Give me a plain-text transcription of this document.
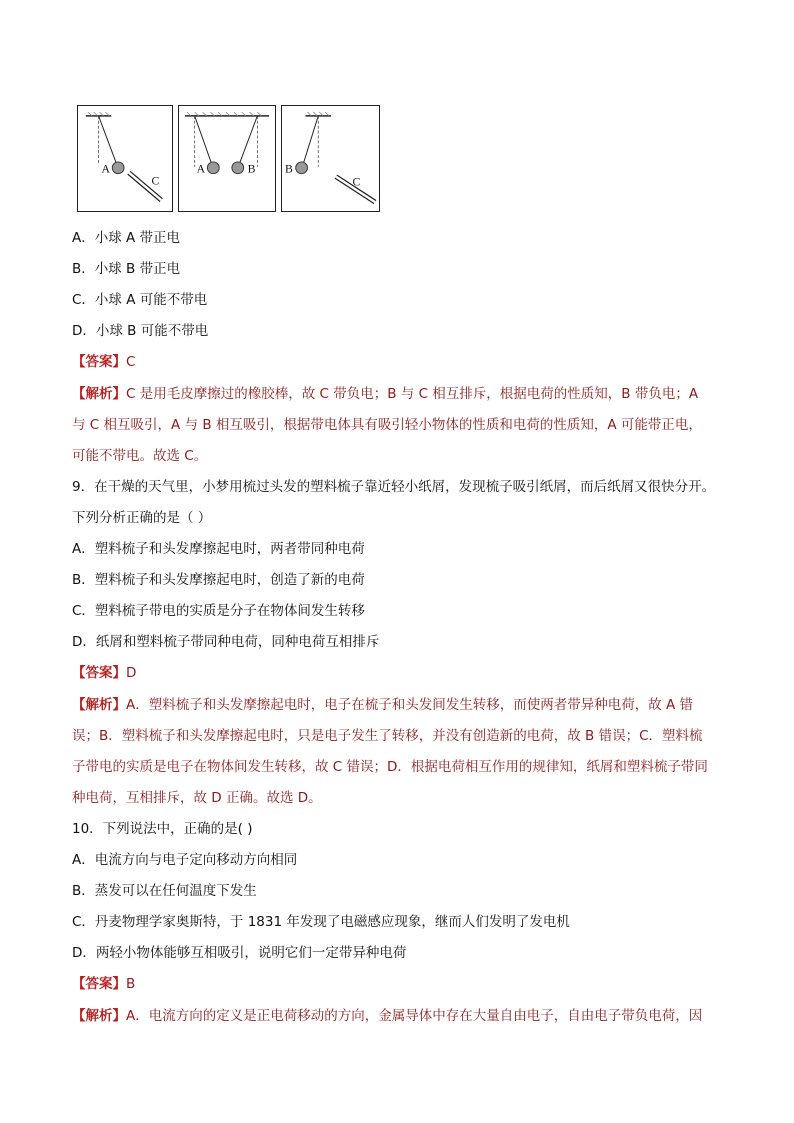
A
C
A	B B
C
A．小球 A 带正电
B．小球 B 带正电
C．小球 A 可能不带电
D．小球 B 可能不带电
【答案】C
【解析】C 是用毛皮摩擦过的橡胶棒，故 C 带负电；B 与 C 相互排斥，根据电荷的性质知，B 带负电；A
与 C 相互吸引，A 与 B 相互吸引，根据带电体具有吸引轻小物体的性质和电荷的性质知，A 可能带正电，
可能不带电。故选 C。
9．在干燥的天气里，小梦用梳过头发的塑料梳子靠近轻小纸屑，发现梳子吸引纸屑，而后纸屑又很快分开。
下列分析正确的是（ ）
A．塑料梳子和头发摩擦起电时，两者带同种电荷
B．塑料梳子和头发摩擦起电时，创造了新的电荷
C．塑料梳子带电的实质是分子在物体间发生转移
D．纸屑和塑料梳子带同种电荷，同种电荷互相排斥
【答案】D
【解析】A．塑料梳子和头发摩擦起电时，电子在梳子和头发间发生转移，而使两者带异种电荷，故 A 错
误；B．塑料梳子和头发摩擦起电时，只是电子发生了转移，并没有创造新的电荷，故 B 错误；C．塑料梳
子带电的实质是电子在物体间发生转移，故 C 错误；D．根据电荷相互作用的规律知，纸屑和塑料梳子带同
种电荷，互相排斥，故 D 正确。故选 D。
10．下列说法中，正确的是( )
A．电流方向与电子定向移动方向相同
B．蒸发可以在任何温度下发生
C．丹麦物理学家奥斯特，于 1831 年发现了电磁感应现象，继而人们发明了发电机
D．两轻小物体能够互相吸引，说明它们一定带异种电荷
【答案】B
【解析】A．电流方向的定义是正电荷移动的方向，金属导体中存在大量自由电子，自由电子带负电荷，因
